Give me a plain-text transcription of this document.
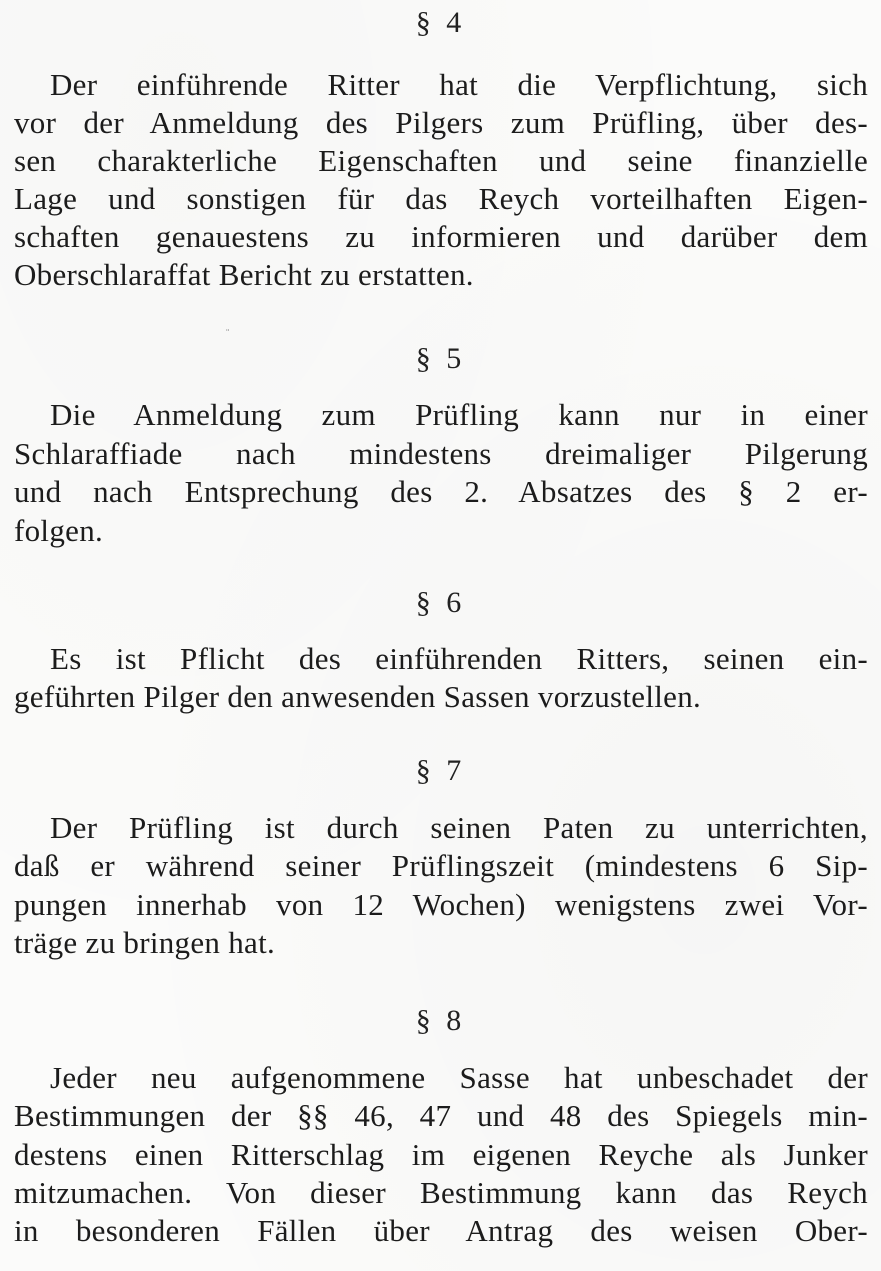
§ 4
Der einführende Ritter hat die Verpflichtung, sich
vor der Anmeldung des Pilgers zum Prüfling, über des-
sen charakterliche Eigenschaften und seine finanzielle
Lage und sonstigen für das Reych vorteilhaften Eigen-
schaften genauestens zu informieren und darüber dem
Oberschlaraffat Bericht zu erstatten.
¨
§ 5
Die Anmeldung zum Prüfling kann nur in einer
Schlaraffiade nach mindestens dreimaliger Pilgerung
und nach Entsprechung des 2. Absatzes des § 2 er-
folgen.
§ 6
Es ist Pflicht des einführenden Ritters, seinen ein-
geführten Pilger den anwesenden Sassen vorzustellen.
§ 7
Der Prüfling ist durch seinen Paten zu unterrichten,
daß er während seiner Prüflingszeit (mindestens 6 Sip-
pungen innerhab von 12 Wochen) wenigstens zwei Vor-
träge zu bringen hat.
§ 8
Jeder neu aufgenommene Sasse hat unbeschadet der
Bestimmungen der §§ 46, 47 und 48 des Spiegels min-
destens einen Ritterschlag im eigenen Reyche als Junker
mitzumachen. Von dieser Bestimmung kann das Reych
in besonderen Fällen über Antrag des weisen Ober-
